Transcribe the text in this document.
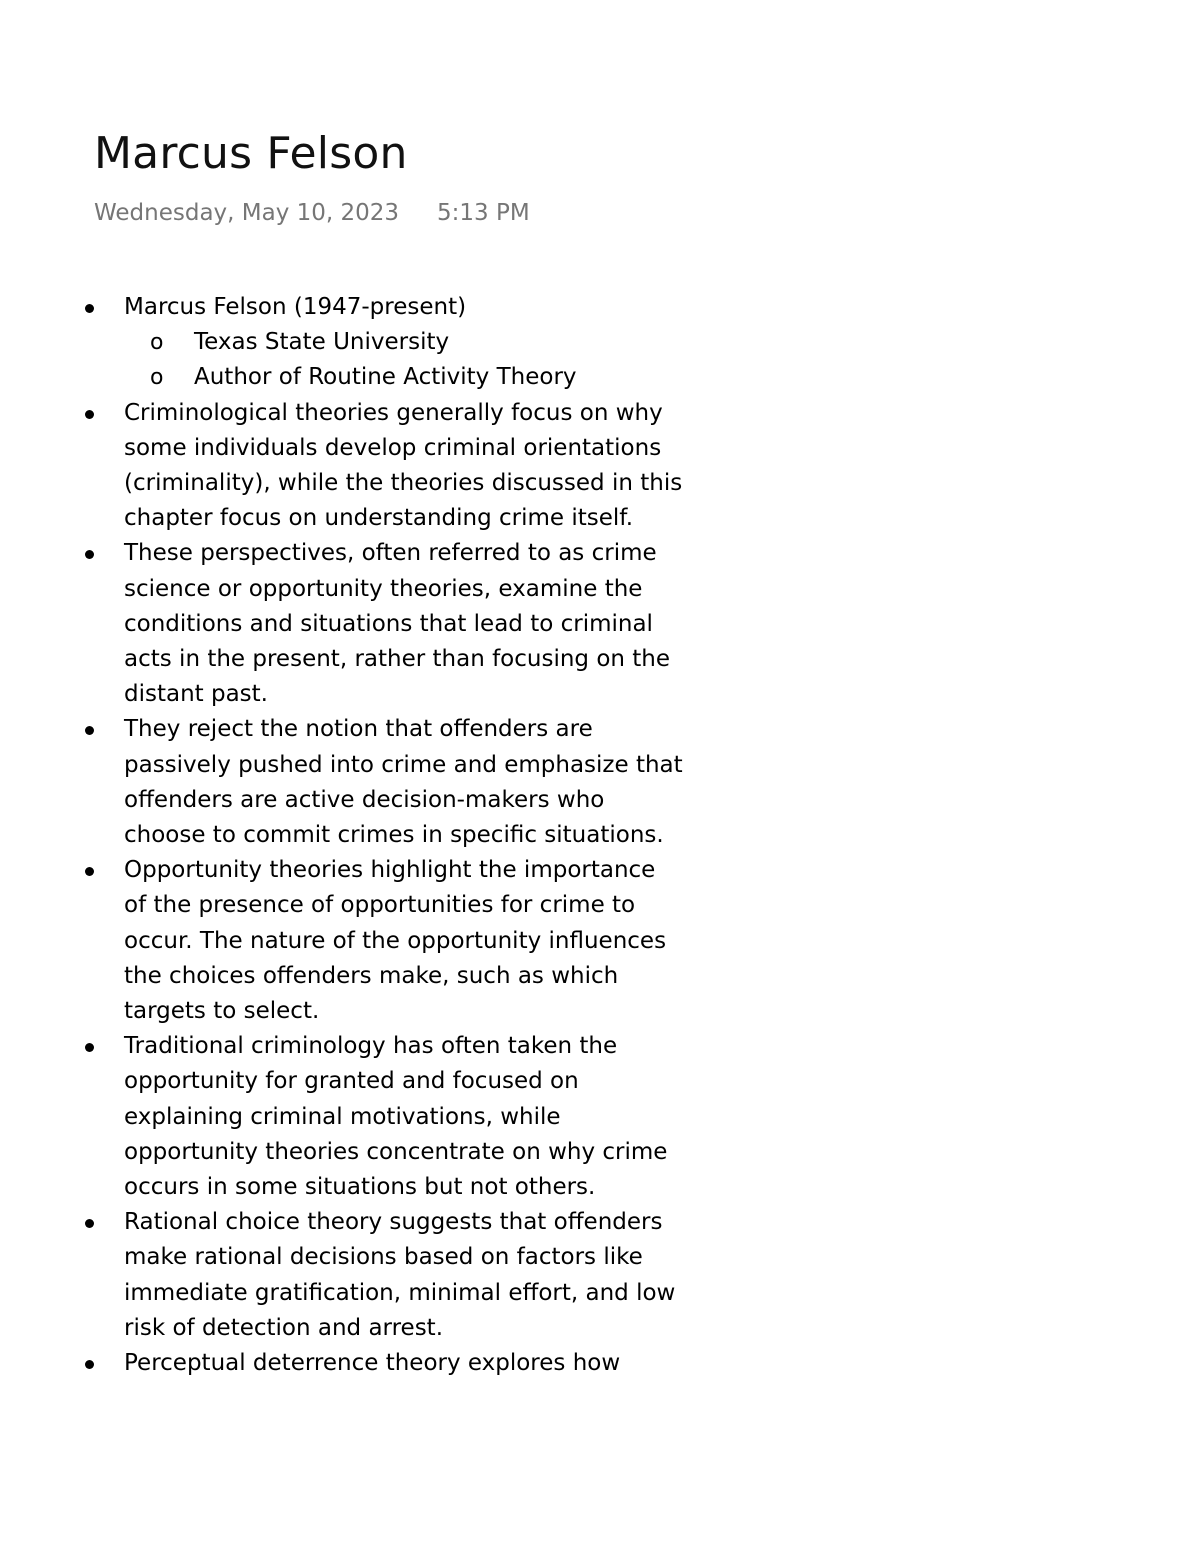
Marcus Felson
Wednesday, May 10, 2023 5:13 PM
Marcus Felson (1947-present)
o Texas State University
o Author of Routine Activity Theory
Criminological theories generally focus on why some individuals develop criminal orientations (criminality), while the theories discussed in this chapter focus on understanding crime itself.
These perspectives, often referred to as crime science or opportunity theories, examine the conditions and situations that lead to criminal acts in the present, rather than focusing on the distant past.
They reject the notion that offenders are passively pushed into crime and emphasize that offenders are active decision-makers who choose to commit crimes in specific situations.
Opportunity theories highlight the importance of the presence of opportunities for crime to occur. The nature of the opportunity influences the choices offenders make, such as which targets to select.
Traditional criminology has often taken the opportunity for granted and focused on explaining criminal motivations, while opportunity theories concentrate on why crime occurs in some situations but not others.
Rational choice theory suggests that offenders make rational decisions based on factors like immediate gratification, minimal effort, and low risk of detection and arrest.
Perceptual deterrence theory explores how
